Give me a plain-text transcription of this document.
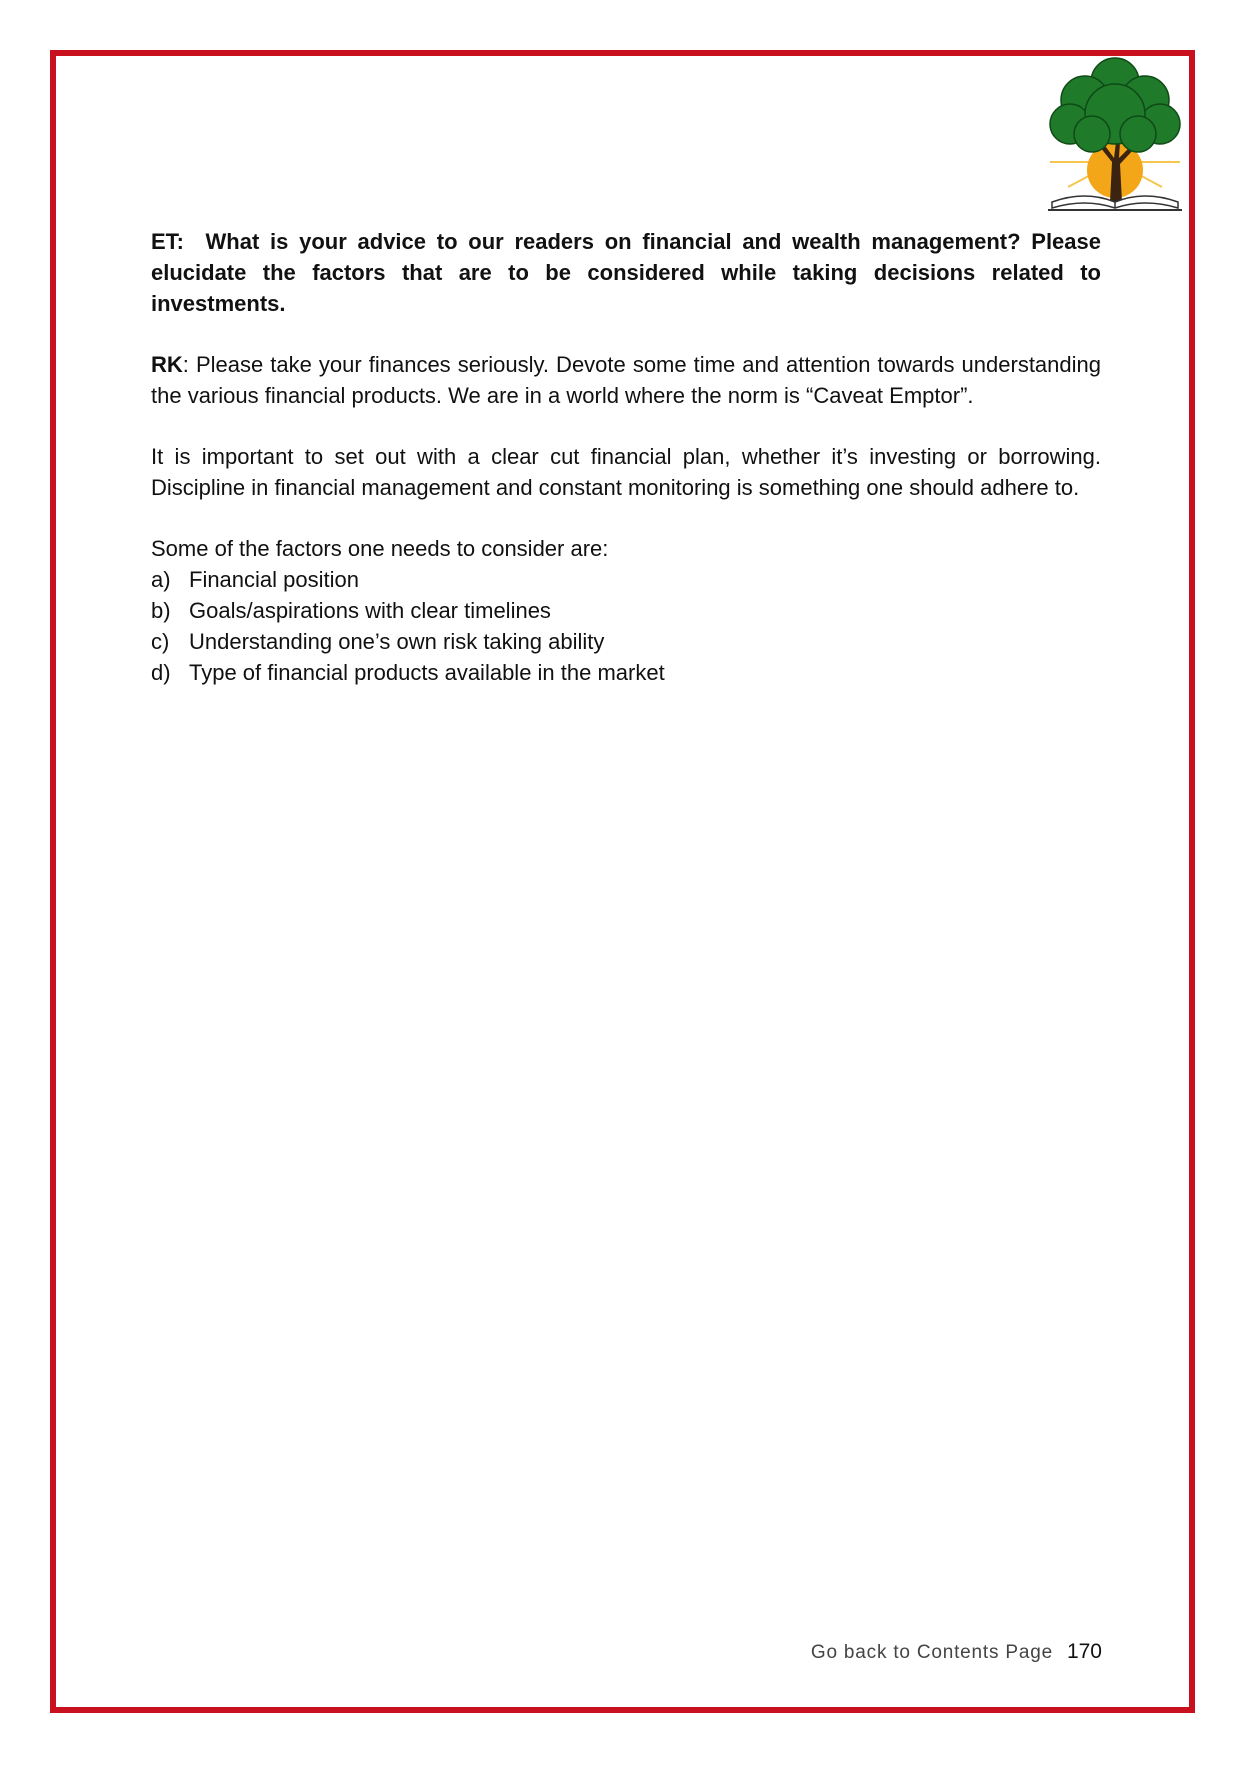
ET: What is your advice to our readers on financial and wealth management? Please elucidate the factors that are to be considered while taking decisions related to investments.

RK: Please take your finances seriously. Devote some time and attention towards understanding the various financial products. We are in a world where the norm is “Caveat Emptor”.

It is important to set out with a clear cut financial plan, whether it’s investing or borrowing. Discipline in financial management and constant monitoring is something one should adhere to.

Some of the factors one needs to consider are:
a) Financial position
b) Goals/aspirations with clear timelines
c) Understanding one’s own risk taking ability
d) Type of financial products available in the market
Go back to Contents Page 170
